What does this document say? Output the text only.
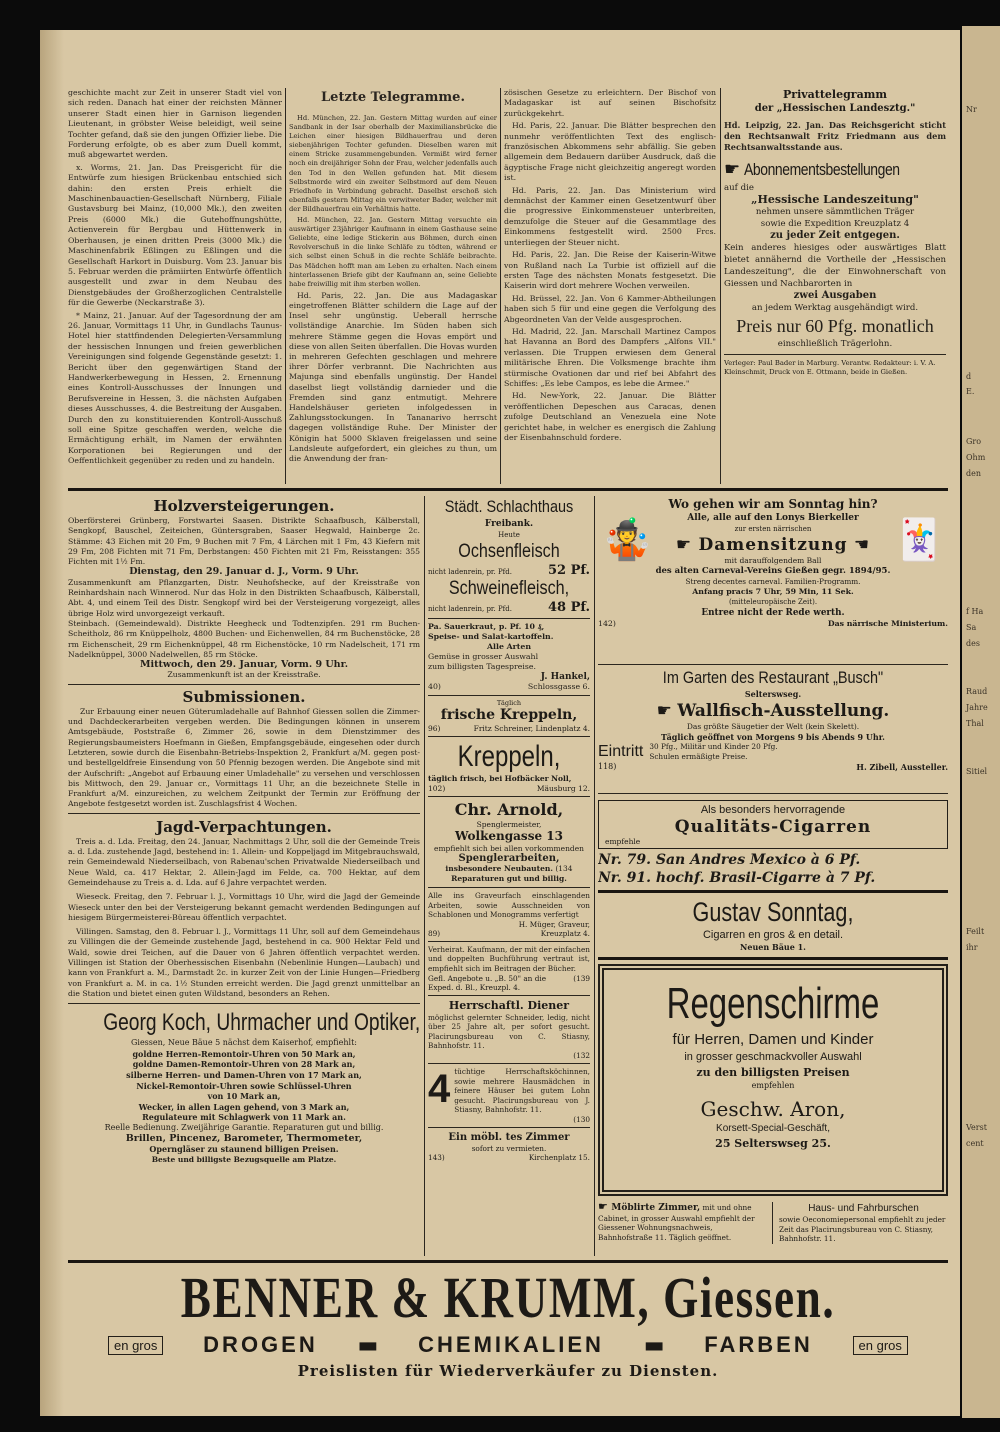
Nr
d
E.
Gro
Ohm
den
f Ha
Sa
des
Raud
Jahre
Thal
Sitiel
Feilt
ihr
Verst
cent

geschichte macht zur Zeit in unserer Stadt viel von sich reden. Danach hat einer der reichsten Männer unserer Stadt einen hier in Garnison liegenden Lieutenant, in gröbster Weise beleidigt, weil seine Tochter gefand, daß sie den jungen Offizier liebe. Die Forderung erfolgte, ob es aber zum Duell kommt, muß abgewartet werden.

x. Worms, 21. Jan. Das Preisgericht für die Entwürfe zum hiesigen Brückenbau entschied sich dahin: den ersten Preis erhielt die Maschinenbauactien-Gesellschaft Nürnberg, Filiale Gustavsburg bei Mainz, (10,000 Mk.), den zweiten Preis (6000 Mk.) die Gutehoffnungshütte, Actienverein für Bergbau und Hüttenwerk in Oberhausen, je einen dritten Preis (3000 Mk.) die Maschinenfabrik Eßlingen zu Eßlingen und die Gesellschaft Harkort in Duisburg. Vom 23. Januar bis 5. Februar werden die prämiirten Entwürfe öffentlich ausgestellt und zwar in dem Neubau des Dienstgebäudes der Großherzoglichen Centralstelle für die Gewerbe (Neckarstraße 3).

* Mainz, 21. Januar. Auf der Tagesordnung der am 26. Januar, Vormittags 11 Uhr, in Gundlachs Taunus-Hotel hier stattfindenden Delegierten-Versammlung der hessischen Innungen und freien gewerblichen Vereinigungen sind folgende Gegenstände gesetzt: 1. Bericht über den gegenwärtigen Stand der Handwerkerbewegung in Hessen, 2. Ernennung eines Kontroll-Ausschusses der Innungen und Berufsvereine in Hessen, 3. die nächsten Aufgaben dieses Ausschusses, 4. die Bestreitung der Ausgaben. Durch den zu konstituierenden Kontroll-Ausschuß soll eine Spitze geschaffen werden, welche die Ermächtigung erhält, im Namen der erwähnten Korporationen bei Regierungen und der Oeffentlichkeit gegenüber zu reden und zu handeln.

Letzte Telegramme.

Hd. München, 22. Jan. Gestern Mittag wurden auf einer Sandbank in der Isar oberhalb der Maximiliansbrücke die Leichen einer hiesigen Bildhauerfrau und deren siebenjährigen Tochter gefunden. Dieselben waren mit einem Stricke zusammengebunden. Vermißt wird ferner noch ein dreijähriger Sohn der Frau, welcher jedenfalls auch den Tod in den Wellen gefunden hat. Mit diesem Selbstmorde wird ein zweiter Selbstmord auf dem Neuen Friedhofe in Verbindung gebracht. Daselbst erschoß sich ebenfalls gestern Mittag ein verwitweter Bader, welcher mit der Bildhauerfrau ein Verhältnis hatte.

Hd. München, 22. Jan. Gestern Mittag versuchte ein auswärtiger 23jähriger Kaufmann in einem Gasthause seine Geliebte, eine ledige Stickerin aus Böhmen, durch einen Revolverschuß in die linke Schläfe zu tödten, während er sich selbst einen Schuß in die rechte Schläfe beibrachte. Das Mädchen hofft man am Leben zu erhalten. Nach einem hinterlassenen Briefe gibt der Kaufmann an, seine Geliebte habe freiwillig mit ihm sterben wollen.

Hd. Paris, 22. Jan. Die aus Madagaskar eingetroffenen Blätter schildern die Lage auf der Insel sehr ungünstig. Ueberall herrsche vollständige Anarchie. Im Süden haben sich mehrere Stämme gegen die Hovas empört und diese von allen Seiten überfallen. Die Hovas wurden in mehreren Gefechten geschlagen und mehrere ihrer Dörfer verbrannt. Die Nachrichten aus Majunga sind ebenfalls ungünstig. Der Handel daselbst liegt vollständig darnieder und die Fremden sind ganz entmutigt. Mehrere Handelshäuser gerieten infolgedessen in Zahlungsstockungen. In Tananarivo herrscht dagegen vollständige Ruhe. Der Minister der Königin hat 5000 Sklaven freigelassen und seine Landsleute aufgefordert, ein gleiches zu thun, um die Anwendung der fran-

zösischen Gesetze zu erleichtern. Der Bischof von Madagaskar ist auf seinen Bischofsitz zurückgekehrt.

Hd. Paris, 22. Januar. Die Blätter besprechen den nunmehr veröffentlichten Text des englisch-französischen Abkommens sehr abfällig. Sie geben allgemein dem Bedauern darüber Ausdruck, daß die ägyptische Frage nicht gleichzeitig angeregt worden ist.

Hd. Paris, 22. Jan. Das Ministerium wird demnächst der Kammer einen Gesetzentwurf über die progressive Einkommensteuer unterbreiten, demzufolge die Steuer auf die Gesammtlage des Einkommens festgestellt wird. 2500 Frcs. unterliegen der Steuer nicht.

Hd. Paris, 22. Jan. Die Reise der Kaiserin-Witwe von Rußland nach La Turbie ist offiziell auf die ersten Tage des nächsten Monats festgesetzt. Die Kaiserin wird dort mehrere Wochen verweilen.

Hd. Brüssel, 22. Jan. Von 6 Kammer-Abtheilungen haben sich 5 für und eine gegen die Verfolgung des Abgeordneten Van der Velde ausgesprochen.

Hd. Madrid, 22. Jan. Marschall Martinez Campos hat Havanna an Bord des Dampfers „Alfons VII." verlassen. Die Truppen erwiesen dem General militärische Ehren. Die Volksmenge brachte ihm stürmische Ovationen dar und rief bei Abfahrt des Schiffes: „Es lebe Campos, es lebe die Armee."

Hd. New-York, 22. Januar. Die Blätter veröffentlichen Depeschen aus Caracas, denen zufolge Deutschland an Venezuela eine Note gerichtet habe, in welcher es energisch die Zahlung der Eisenbahnschuld fordere.

Privattelegramm
der „Hessischen Landesztg."
Hd. Leipzig, 22. Jan. Das Reichsgericht sticht den Rechtsanwalt Fritz Friedmann aus dem Rechtsanwaltsstande aus.
☛ Abonnementsbestellungen
auf die
„Hessische Landeszeitung"
nehmen unsere sämmtlichen Träger
sowie die Expedition Kreuzplatz 4
zu jeder Zeit entgegen.
Kein anderes hiesiges oder auswärtiges Blatt bietet annähernd die Vortheile der „Hessischen Landeszeitung", die der Einwohnerschaft von Giessen und Nachbarorten in
zwei Ausgaben
an jedem Werktag ausgehändigt wird.
Preis nur 60 Pfg. monatlich
einschließlich Trägerlohn.
Verleger: Paul Bader in Marburg. Verantw. Redakteur: i. V. A. Kleinschmit, Druck von E. Ottmann, beide in Gießen.
Holzversteigerungen.
Oberförsterei Grünberg, Forstwartei Saasen. Distrikte Schaafbusch, Kälberstall, Sengkopf, Bauschel, Zeiteichen, Güntersgraben, Saaser Hegwald, Hainberge 2c. Stämme: 43 Eichen mit 20 Fm, 9 Buchen mit 7 Fm, 4 Lärchen mit 1 Fm, 43 Kiefern mit 29 Fm, 208 Fichten mit 71 Fm, Derbstangen: 450 Fichten mit 21 Fm, Reisstangen: 355 Fichten mit 1½ Fm.
Dienstag, den 29. Januar d. J., Vorm. 9 Uhr.
Zusammenkunft am Pflanzgarten, Distr. Neuhofshecke, auf der Kreisstraße von Reinhardshain nach Winnerod. Nur das Holz in den Distrikten Schaafbusch, Kälberstall, Abt. 4, und einem Teil des Distr. Sengkopf wird bei der Versteigerung vorgezeigt, alles übrige Holz wird unvorgezeigt verkauft.
Steinbach. (Gemeindewald). Distrikte Heegheck und Todtenzipfen. 291 rm Buchen-Scheitholz, 86 rm Knüppelholz, 4800 Buchen- und Eichenwellen, 84 rm Buchenstöcke, 28 rm Eichenscheit, 29 rm Eichenknüppel, 48 rm Eichenstöcke, 10 rm Nadelscheit, 171 rm Nadelknüppel, 3000 Nadelwellen, 85 rm Stöcke.
Mittwoch, den 29. Januar, Vorm. 9 Uhr.
Zusammenkunft ist an der Kreisstraße.
Submissionen.
Zur Erbauung einer neuen Güterumladehalle auf Bahnhof Giessen sollen die Zimmer- und Dachdeckerarbeiten vergeben werden. Die Bedingungen können in unserem Amtsgebäude, Poststraße 6, Zimmer 26, sowie in dem Dienstzimmer des Regierungsbaumeisters Hoefmann in Gießen, Empfangsgebäude, eingesehen oder durch Letzteren, sowie durch die Eisenbahn-Betriebs-Inspektion 2, Frankfurt a/M. gegen post- und bestellgeldfreie Einsendung von 50 Pfennig bezogen werden. Die Angebote sind mit der Aufschrift: „Angebot auf Erbauung einer Umladehalle" zu versehen und verschlossen bis Mittwoch, den 29. Januar cr., Vormittags 11 Uhr, an die bezeichnete Stelle in Frankfurt a/M. einzureichen, zu welchem Zeitpunkt der Termin zur Eröffnung der Angebote festgesetzt worden ist. Zuschlagsfrist 4 Wochen.
Jagd-Verpachtungen.

Treis a. d. Lda. Freitag, den 24. Januar, Nachmittags 2 Uhr, soll die der Gemeinde Treis a. d. Lda. zustehende Jagd, bestehend in: 1. Allein- und Koppeljagd im Mitgebrauchswald, rein Gemeindewald Niederseilbach, von Rabenau'schen Privatwalde Niederseilbach und Neue Wald, ca. 417 Hektar, 2. Allein-Jagd im Felde, ca. 700 Hektar, auf dem Gemeindehause zu Treis a. d. Lda. auf 6 Jahre verpachtet werden.

Wieseck. Freitag, den 7. Februar l. J., Vormittags 10 Uhr, wird die Jagd der Gemeinde Wieseck unter den bei der Versteigerung bekannt gemacht werdenden Bedingungen auf hiesigem Bürgermeisterei-Büreau öffentlich verpachtet.

Villingen. Samstag, den 8. Februar l. J., Vormittags 11 Uhr, soll auf dem Gemeindehaus zu Villingen die der Gemeinde zustehende Jagd, bestehend in ca. 900 Hektar Feld und Wald, sowie drei Teichen, auf die Dauer von 6 Jahren öffentlich verpachtet werden. Villingen ist Station der Oberhessischen Eisenbahn (Nebenlinie Hungen—Laubach) und kann von Frankfurt a. M., Darmstadt 2c. in kurzer Zeit von der Linie Hungen—Friedberg von Frankfurt a. M. in ca. 1½ Stunden erreicht werden. Die Jagd grenzt unmittelbar an die Station und bietet einen guten Wildstand, besonders an Rehen.

Georg Koch, Uhrmacher und Optiker,
Giessen, Neue Bäue 5 nächst dem Kaiserhof, empfiehlt:
goldne Herren-Remontoir-Uhren von 50 Mark an,
goldne Damen-Remontoir-Uhren von 28 Mark an,
silberne Herren- und Damen-Uhren von 17 Mark an,
Nickel-Remontoir-Uhren sowie Schlüssel-Uhren
von 10 Mark an,
Wecker, in allen Lagen gehend, von 3 Mark an,
Regulateure mit Schlagwerk von 11 Mark an.
Reelle Bedienung. Zweijährige Garantie. Reparaturen gut und billig.
Brillen, Pincenez, Barometer, Thermometer,
Operngläser zu staunend billigen Preisen.
Beste und billigste Bezugsquelle am Platze.
Städt. Schlachthaus
Freibank.
Heute
Ochsenfleisch
nicht ladenrein, pr. Pfd.	52 Pf.
Schweinefleisch,
nicht ladenrein, pr. Pfd.	48 Pf.
Pa. Sauerkraut, p. Pf. 10 ₰,
Speise- und Salat-kartoffeln.
Alle Arten
Gemüse in grosser Auswahl
zum billigsten Tagespreise.
J. Hankel,
40)	Schlossgasse 6.
Täglich
frische Kreppeln,
96)	Fritz Schreiner, Lindenplatz 4.
Kreppeln,
täglich frisch, bei Hofbäcker Noll,
102)	Mäusburg 12.
Chr. Arnold,
Spenglermeister,
Wolkengasse 13
empfiehlt sich bei allen vorkommenden
Spenglerarbeiten,
insbesondere Neubauten. (134
Reparaturen gut und billig.
Alle ins Graveurfach einschlagenden Arbeiten, sowie Ausschneiden von Schablonen und Monogramms verfertigt
H. Müger, Graveur,
89)	Kreuzplatz 4.
Verheirat. Kaufmann, der mit der einfachen und doppelten Buchführung vertraut ist, empfiehlt sich im Beitragen der Bücher.
Gefl. Angebote u. „B. 50" an die Exped. d. Bl., Kreuzpl. 4.
(139
Herrschaftl. Diener
möglichst gelernter Schneider, ledig, nicht über 25 Jahre alt, per sofort gesucht. Placirungsbureau von C. Stiasny, Bahnhofstr. 11.
(132
4 tüchtige Herrschaftsköchinnen, sowie mehrere Hausmädchen in feinere Häuser bei gutem Lohn gesucht. Placirungsbureau von J. Stiasny, Bahnhofstr. 11.
(130
Ein möbl. tes Zimmer
sofort zu vermieten.
143)	Kirchenplatz 15.
🤹	🃏
Wo gehen wir am Sonntag hin?
Alle, alle auf den Lonys Bierkeller
zur ersten närrischen
☛ Damensitzung ☚
mit darauffolgendem Ball
des alten Carneval-Vereins Gießen gegr. 1894/95.
Streng decentes carneval. Familien-Programm.
Anfang pracis 7 Uhr, 59 Min, 11 Sek.
(mitteleuropäische Zeit).
Entree nicht der Rede werth.
142)	Das närrische Ministerium.
Im Garten des Restaurant „Busch"
Selterswseg.
☛ Wallfisch-Ausstellung.
Das größte Säugetier der Welt (kein Skelett).
Täglich geöffnet von Morgens 9 bis Abends 9 Uhr.
Eintritt 30 Pfg., Militär und Kinder 20 Pfg.
Schulen ermäßigte Preise.
118)	H. Zibell, Aussteller.
Als besonders hervorragende
Qualitäts-Cigarren
empfehle
Nr. 79. San Andres Mexico à 6 Pf.
Nr. 91. hochf. Brasil-Cigarre à 7 Pf.
Gustav Sonntag,
Cigarren en gros & en detail.
Neuen Bäue 1.
Regenschirme
für Herren, Damen und Kinder
in grosser geschmackvoller Auswahl
zu den billigsten Preisen
empfehlen
Geschw. Aron,
Korsett-Special-Geschäft,
25 Selterswseg 25.
☛ Möblirte Zimmer, mit und ohne Cabinet, in grosser Auswahl empfiehlt der Giessener Wohnungsnachweis, Bahnhofstraße 11. Täglich geöffnet.
Haus- und Fahrburschen
sowie Oeconomiepersonal empfiehlt zu jeder Zeit das Placirungsbureau von C. Stiasny, Bahnhofstr. 11.
BENNER & KRUMM, Giessen.
en gros DROGEN ▬ CHEMIKALIEN ▬ FARBEN	en gros
Preislisten für Wiederverkäufer zu Diensten.
